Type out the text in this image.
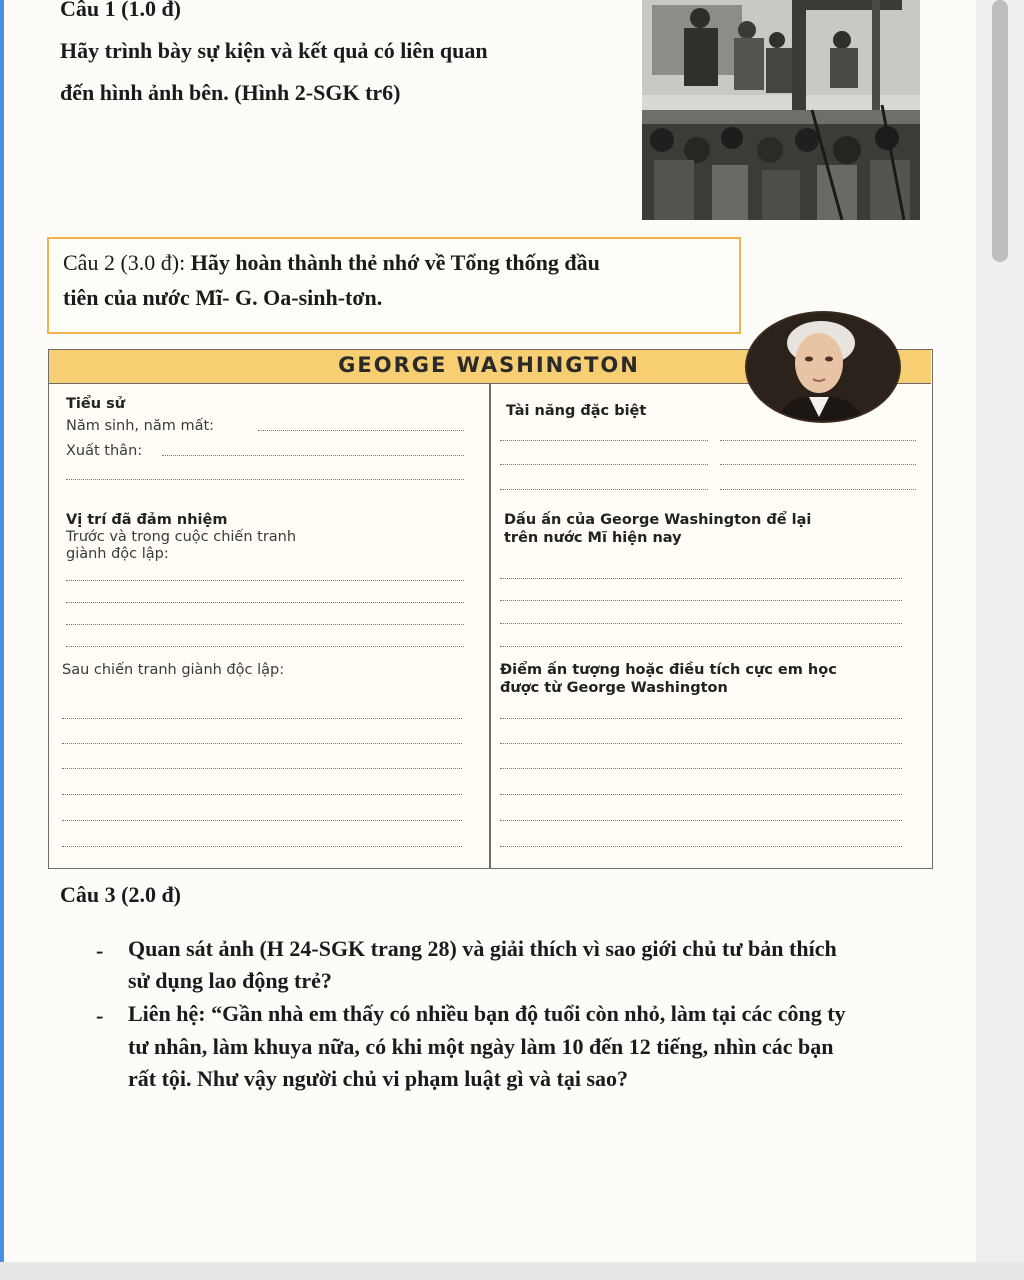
Câu 1 (1.0 đ)
Hãy trình bày sự kiện và kết quả có liên quan
đến hình ảnh bên. (Hình 2-SGK tr6)
Câu 2 (3.0 đ): Hãy hoàn thành thẻ nhớ về Tổng thống đầu
tiên của nước Mĩ- G. Oa-sinh-tơn.
GEORGE WASHINGTON
Tiểu sử
Năm sinh, năm mất:
Xuất thân:
Vị trí đã đảm nhiệm
Trước và trong cuộc chiến tranh
giành độc lập:
Sau chiến tranh giành độc lập:
Tài năng đặc biệt
Dấu ấn của George Washington để lại
trên nước Mĩ hiện nay
Điểm ấn tượng hoặc điều tích cực em học
được từ George Washington
Câu 3 (2.0 đ)
- Quan sát ảnh (H 24-SGK trang 28) và giải thích vì sao giới chủ tư bản thích
sử dụng lao động trẻ?
- Liên hệ: “Gần nhà em thấy có nhiều bạn độ tuổi còn nhỏ, làm tại các công ty
tư nhân, làm khuya nữa, có khi một ngày làm 10 đến 12 tiếng, nhìn các bạn
rất tội. Như vậy người chủ vi phạm luật gì và tại sao?
